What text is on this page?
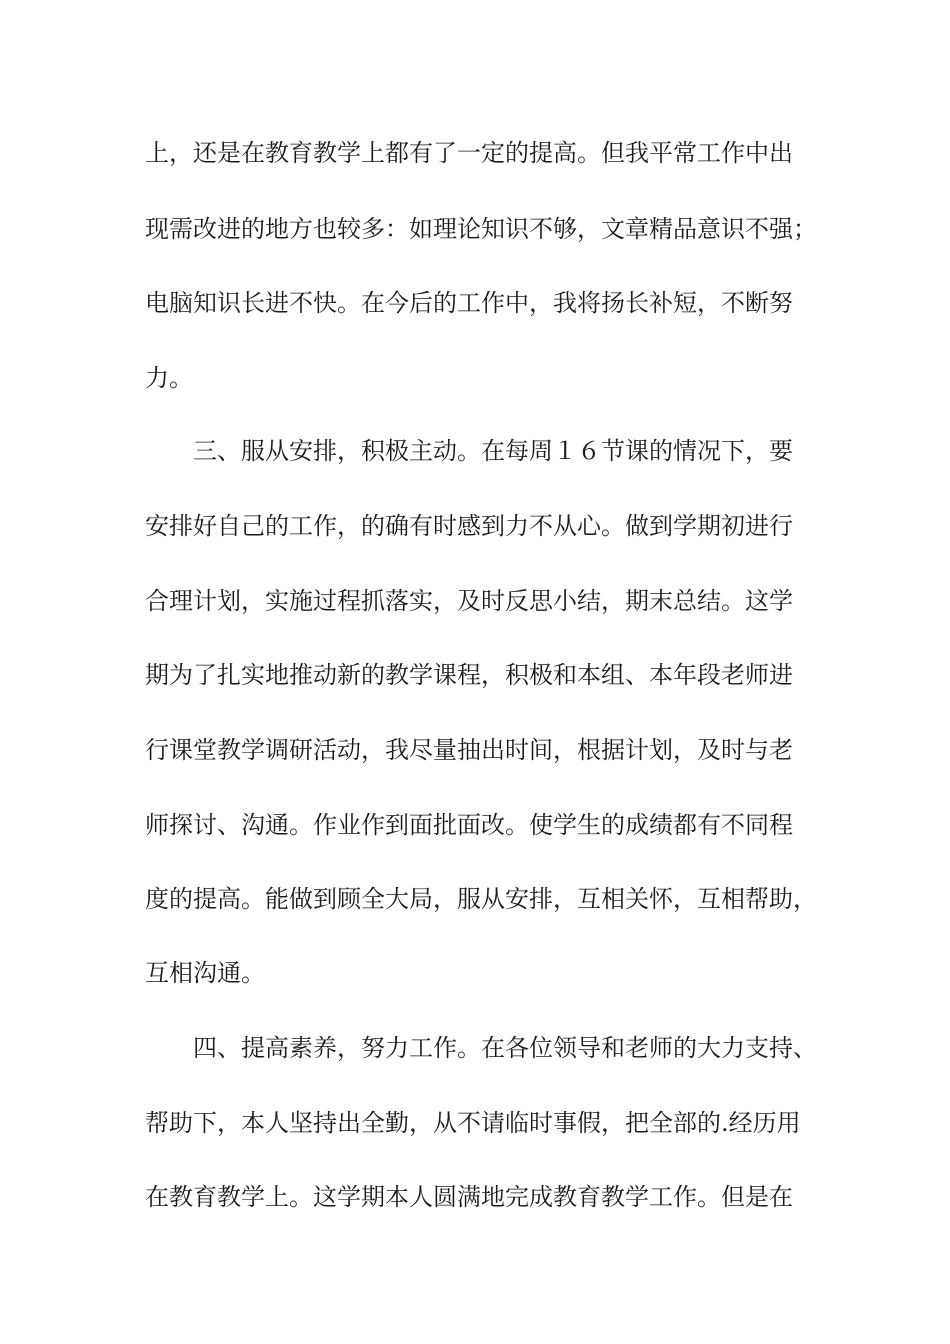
上，还是在教育教学上都有了一定的提高。但我平常工作中出
现需改进的地方也较多：如理论知识不够，文章精品意识不强；
电脑知识长进不快。在今后的工作中，我将扬长补短，不断努
力。
三、服从安排，积极主动。在每周１６节课的情况下，要
安排好自己的工作，的确有时感到力不从心。做到学期初进行
合理计划，实施过程抓落实，及时反思小结，期末总结。这学
期为了扎实地推动新的教学课程，积极和本组、本年段老师进
行课堂教学调研活动，我尽量抽出时间，根据计划，及时与老
师探讨、沟通。作业作到面批面改。使学生的成绩都有不同程
度的提高。能做到顾全大局，服从安排，互相关怀，互相帮助，
互相沟通。
四、提高素养，努力工作。在各位领导和老师的大力支持、
帮助下，本人坚持出全勤，从不请临时事假，把全部的.经历用
在教育教学上。这学期本人圆满地完成教育教学工作。但是在
